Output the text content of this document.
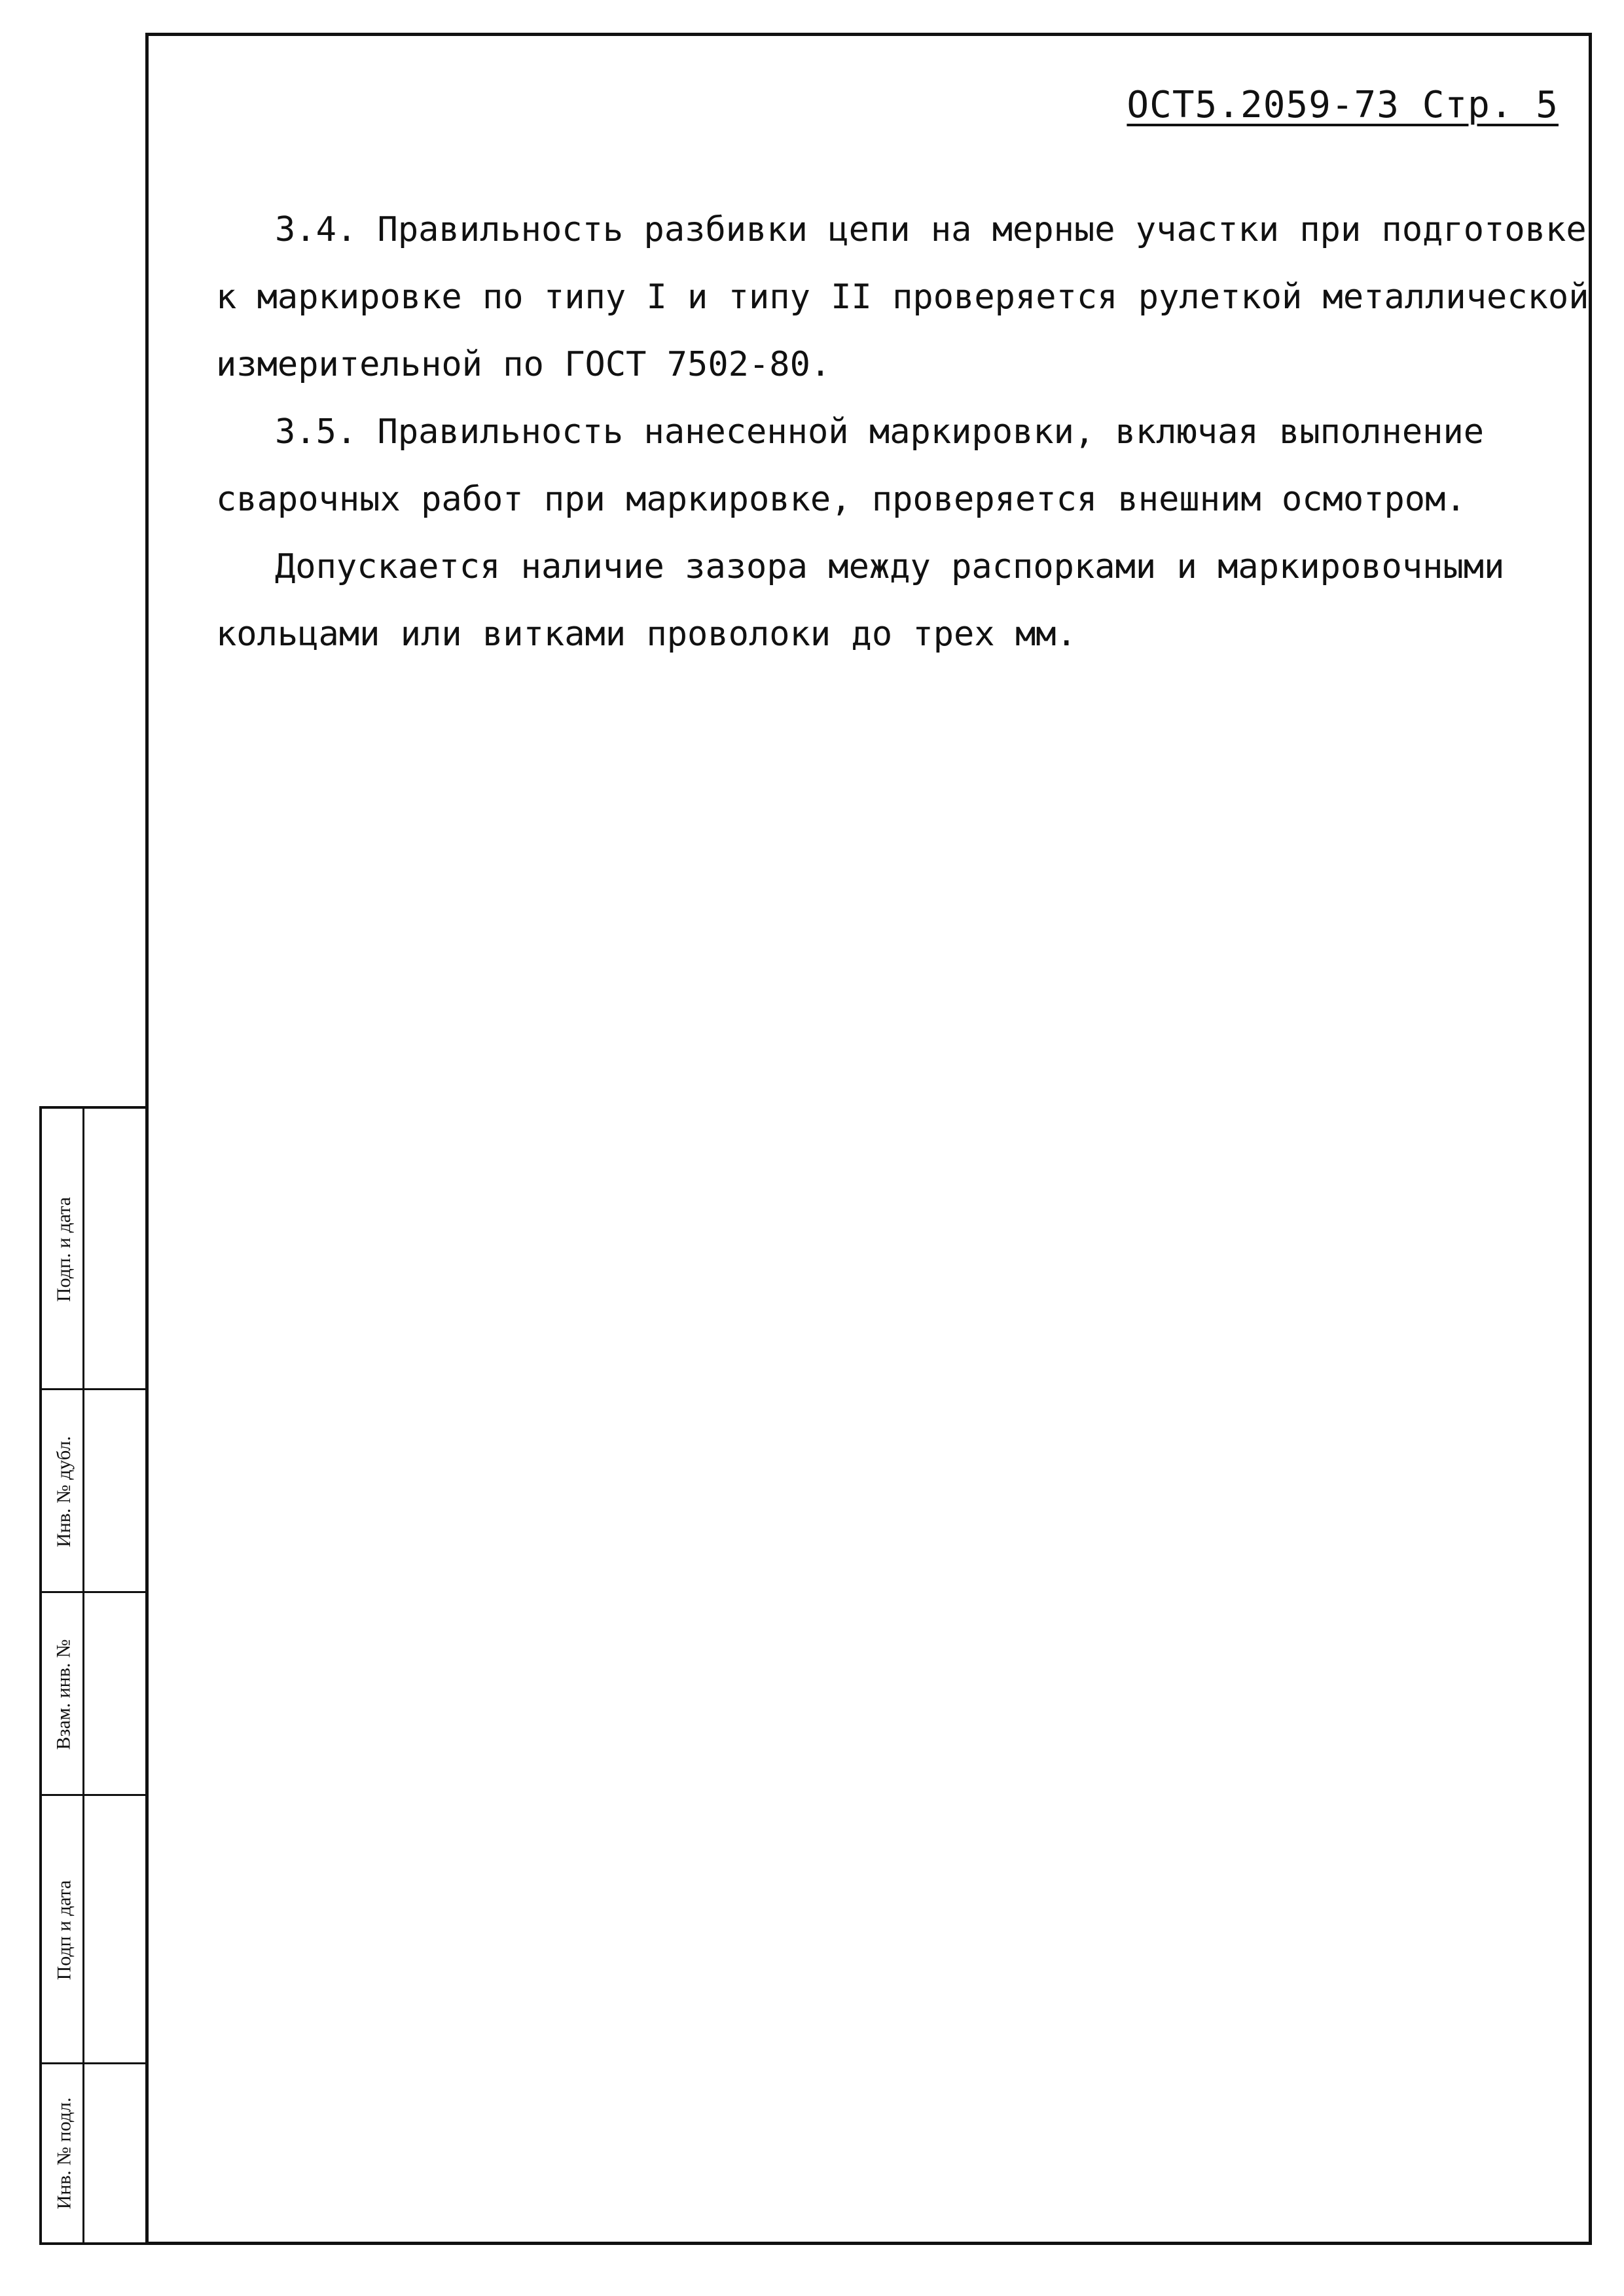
ОСТ5.2059-73 Стр. 5
3.4. Правильность разбивки цепи на мерные участки при подготовке
к маркировке по типу I и типу II проверяется рулеткой металлической
измерительной по ГОСТ 7502-80.
3.5. Правильность нанесенной маркировки, включая выполнение
сварочных работ при маркировке, проверяется внешним осмотром.
Допускается наличие зазора между распорками и маркировочными
кольцами или витками проволоки до трех мм.
Подп. и дата
Инв. № дубл.
Взам. инв. №
Подп и дата
Инв. № подл.
